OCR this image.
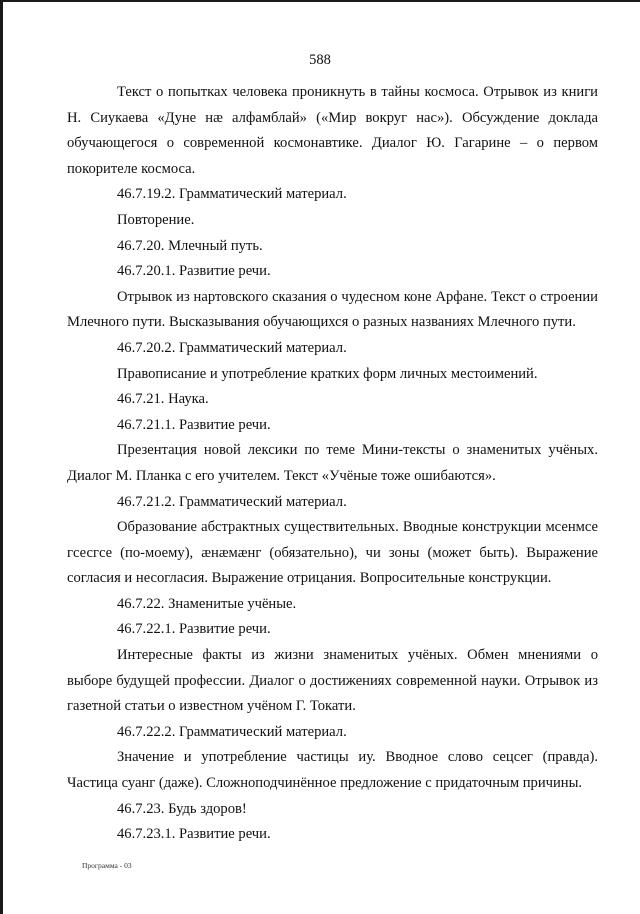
588

Текст о попытках человека проникнуть в тайны космоса. Отрывок из книги Н. Сиукаева «Дуне нæ алфамблай» («Мир вокруг нас»). Обсуждение доклада обучающегося о современной космонавтике. Диалог Ю. Гагарине – о первом покорителе космоса.

46.7.19.2. Грамматический материал.

Повторение.

46.7.20. Млечный путь.

46.7.20.1. Развитие речи.

Отрывок из нартовского сказания о чудесном коне Арфане. Текст о строении Млечного пути. Высказывания обучающихся о разных названиях Млечного пути.

46.7.20.2. Грамматический материал.

Правописание и употребление кратких форм личных местоимений.

46.7.21. Наука.

46.7.21.1. Развитие речи.

Презентация новой лексики по теме Мини-тексты о знаменитых учёных. Диалог М. Планка с его учителем. Текст «Учёные тоже ошибаются».

46.7.21.2. Грамматический материал.

Образование абстрактных существительных. Вводные конструкции мсенмсе гсесгсе (по-моему), æнæмæнг (обязательно), чи зоны (может быть). Выражение согласия и несогласия. Выражение отрицания. Вопросительные конструкции.

46.7.22. Знаменитые учёные.

46.7.22.1. Развитие речи.

Интересные факты из жизни знаменитых учёных. Обмен мнениями о выборе будущей профессии. Диалог о достижениях современной науки. Отрывок из газетной статьи о известном учёном Г. Токати.

46.7.22.2. Грамматический материал.

Значение и употребление частицы иу. Вводное слово сецсег (правда). Частица суанг (даже). Сложноподчинённое предложение с придаточным причины.

46.7.23. Будь здоров!

46.7.23.1. Развитие речи.

Программа - 03
